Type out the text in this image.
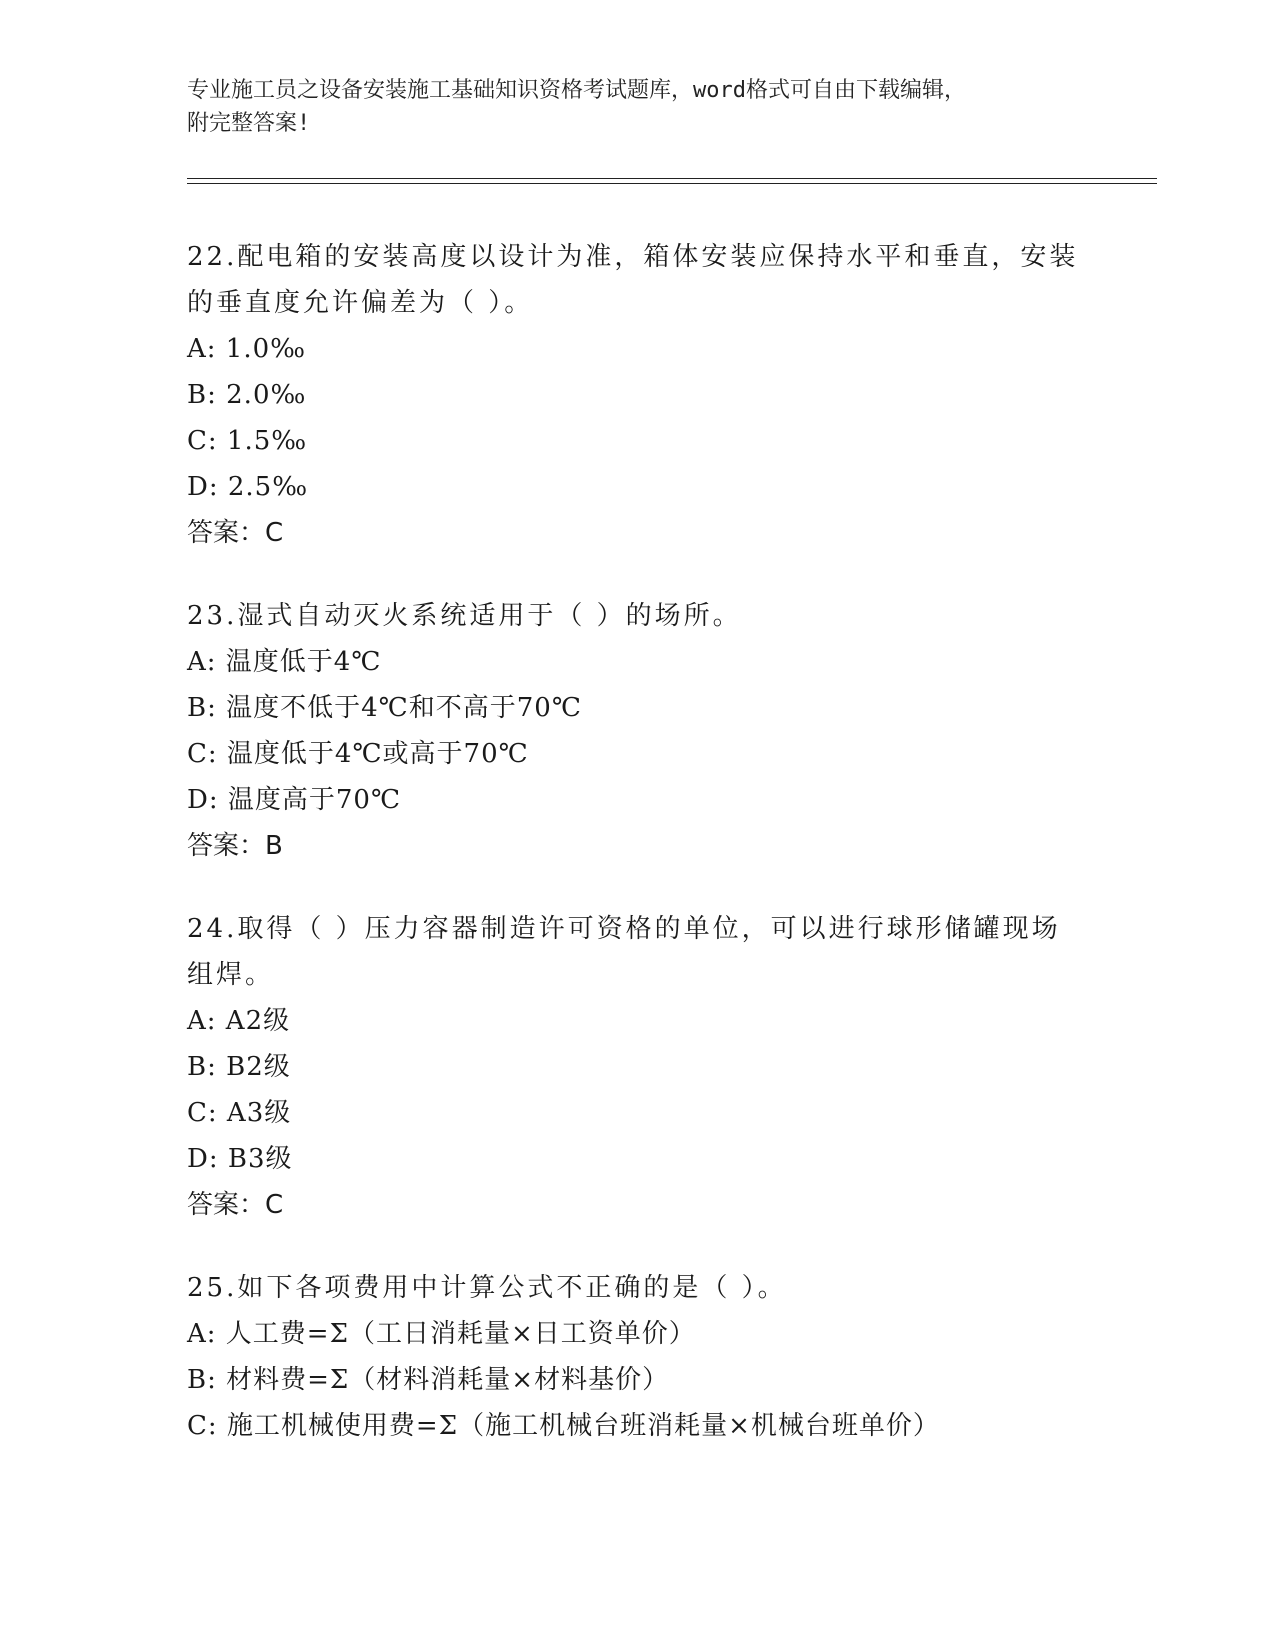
专业施工员之设备安装施工基础知识资格考试题库，word格式可自由下载编辑，
附完整答案!
22.配电箱的安装高度以设计为准，箱体安装应保持水平和垂直，安装的垂直度允许偏差为（ ）。
A: 1.0‰
B: 2.0‰
C: 1.5‰
D: 2.5‰
答案：C
23.湿式自动灭火系统适用于（ ）的场所。
A: 温度低于4℃
B: 温度不低于4℃和不高于70℃
C: 温度低于4℃或高于70℃
D: 温度高于70℃
答案：B
24.取得（ ）压力容器制造许可资格的单位，可以进行球形储罐现场组焊。
A: A2级
B: B2级
C: A3级
D: B3级
答案：C
25.如下各项费用中计算公式不正确的是（ ）。
A: 人工费=Σ（工日消耗量×日工资单价）
B: 材料费=Σ（材料消耗量×材料基价）
C: 施工机械使用费=Σ（施工机械台班消耗量×机械台班单价）
